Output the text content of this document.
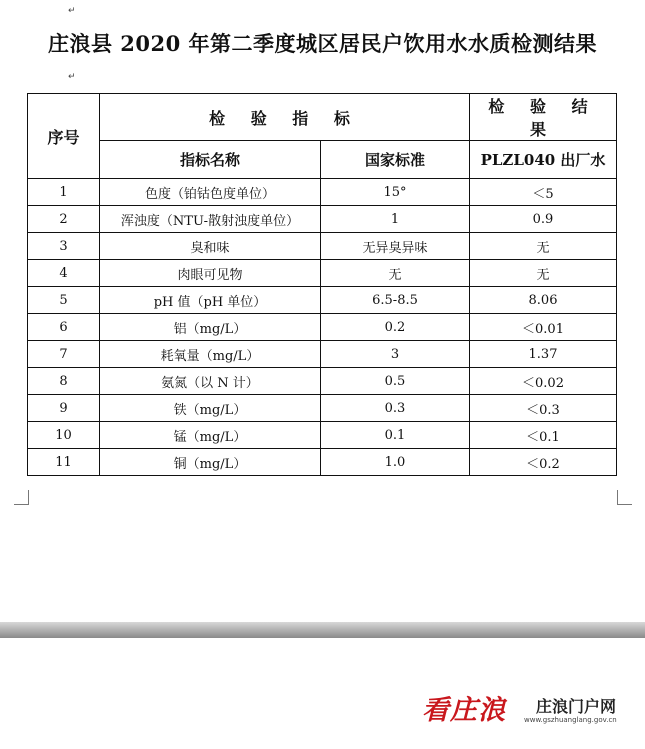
↵
庄浪县 2020 年第二季度城区居民户饮用水水质检测结果
↵
序号	检 验 指 标		检 验 结 果
	指标名称	国家标准	PLZL040 出厂水
1	色度（铂钴色度单位）	15°	＜5
2	浑浊度（NTU-散射浊度单位）	1	0.9
3	臭和味	无异臭异味	无
4	肉眼可见物	无	无
5	pH 值（pH 单位）	6.5-8.5	8.06
6	铝（mg/L）	0.2	＜0.01
7	耗氧量（mg/L）	3	1.37
8	氨氮（以 N 计）	0.5	＜0.02
9	铁（mg/L）	0.3	＜0.3
10	锰（mg/L）	0.1	＜0.1
11	铜（mg/L）	1.0	＜0.2
看庄浪 庄浪门户网
www.gszhuanglang.gov.cn
